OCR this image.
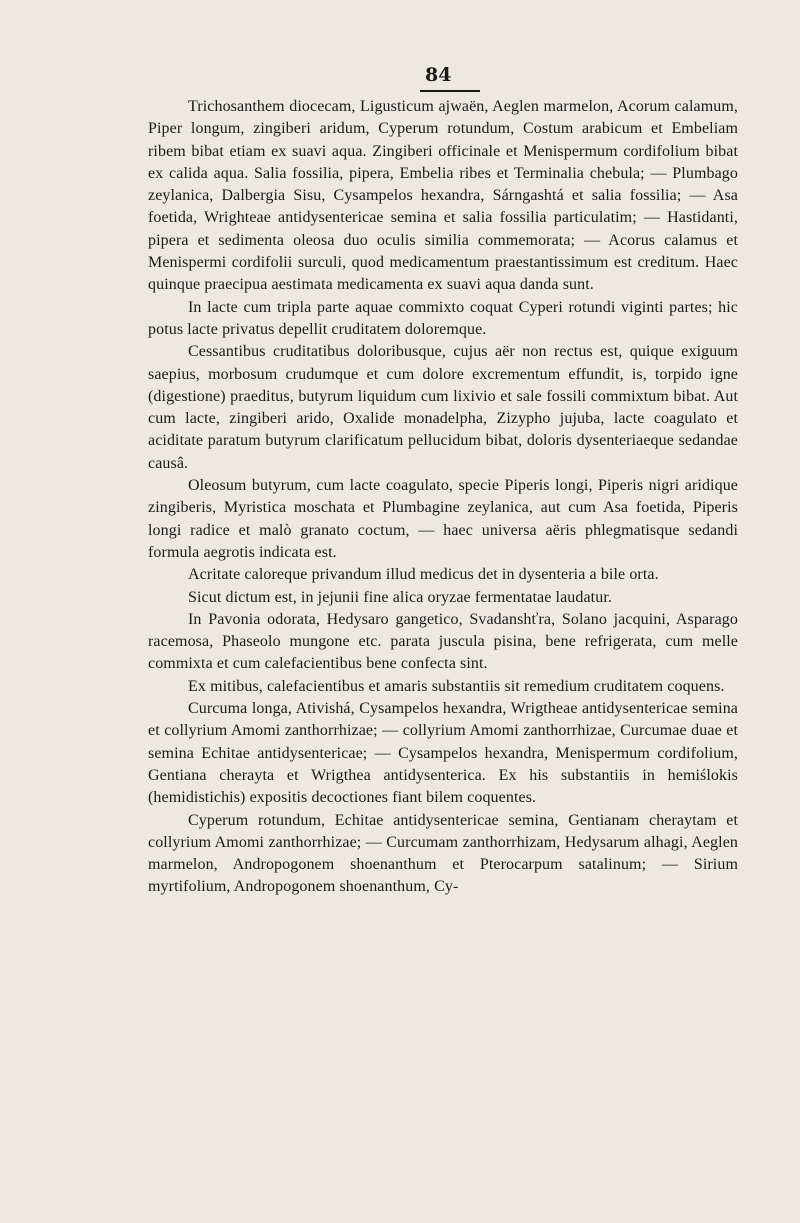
84

Trichosanthem diocecam, Ligusticum ajwaën, Aeglen marmelon, Acorum calamum, Piper longum, zingiberi aridum, Cyperum rotundum, Costum arabicum et Embeliam ribem bibat etiam ex suavi aqua. Zingiberi officinale et Menispermum cordifolium bibat ex calida aqua. Salia fossilia, pipera, Embelia ribes et Terminalia chebula; — Plumbago zeylanica, Dalbergia Sisu, Cysampelos hexandra, Sárngashtá et salia fossilia; — Asa foetida, Wrighteae antidysentericae semina et salia fossilia particulatim; — Hastidanti, pipera et sedimenta oleosa duo oculis similia commemorata; — Acorus calamus et Menispermi cordifolii surculi, quod medicamentum praestantissimum est creditum. Haec quinque praecipua aestimata medicamenta ex suavi aqua danda sunt.

In lacte cum tripla parte aquae commixto coquat Cyperi rotundi viginti partes; hic potus lacte privatus depellit cruditatem doloremque.

Cessantibus cruditatibus doloribusque, cujus aër non rectus est, quique exiguum saepius, morbosum crudumque et cum dolore excrementum effundit, is, torpido igne (digestione) praeditus, butyrum liquidum cum lixivio et sale fossili commixtum bibat. Aut cum lacte, zingiberi arido, Oxalide monadelpha, Zizypho jujuba, lacte coagulato et aciditate paratum butyrum clarificatum pellucidum bibat, doloris dysenteriaeque sedandae causâ.

Oleosum butyrum, cum lacte coagulato, specie Piperis longi, Piperis nigri aridique zingiberis, Myristica moschata et Plumbagine zeylanica, aut cum Asa foetida, Piperis longi radice et malò granato coctum, — haec universa aëris phlegmatisque sedandi formula aegrotis indicata est.

Acritate caloreque privandum illud medicus det in dysenteria a bile orta.

Sicut dictum est, in jejunii fine alica oryzae fermentatae laudatur.

In Pavonia odorata, Hedysaro gangetico, Svadanshťra, Solano jacquini, Asparago racemosa, Phaseolo mungone etc. parata juscula pisina, bene refrigerata, cum melle commixta et cum calefacientibus bene confecta sint.

Ex mitibus, calefacientibus et amaris substantiis sit remedium cruditatem coquens.

Curcuma longa, Ativishá, Cysampelos hexandra, Wrigtheae antidysentericae semina et collyrium Amomi zanthorrhizae; — collyrium Amomi zanthorrhizae, Curcumae duae et semina Echitae antidysentericae; — Cysampelos hexandra, Menispermum cordifolium, Gentiana cherayta et Wrigthea antidysenterica. Ex his substantiis in hemiślokis (hemidistichis) expositis decoctiones fiant bilem coquentes.

Cyperum rotundum, Echitae antidysentericae semina, Gentianam cheraytam et collyrium Amomi zanthorrhizae; — Curcumam zanthorrhizam, Hedysarum alhagi, Aeglen marmelon, Andropogonem shoenanthum et Pterocarpum satalinum; — Sirium myrtifolium, Andropogonem shoenanthum, Cy-
